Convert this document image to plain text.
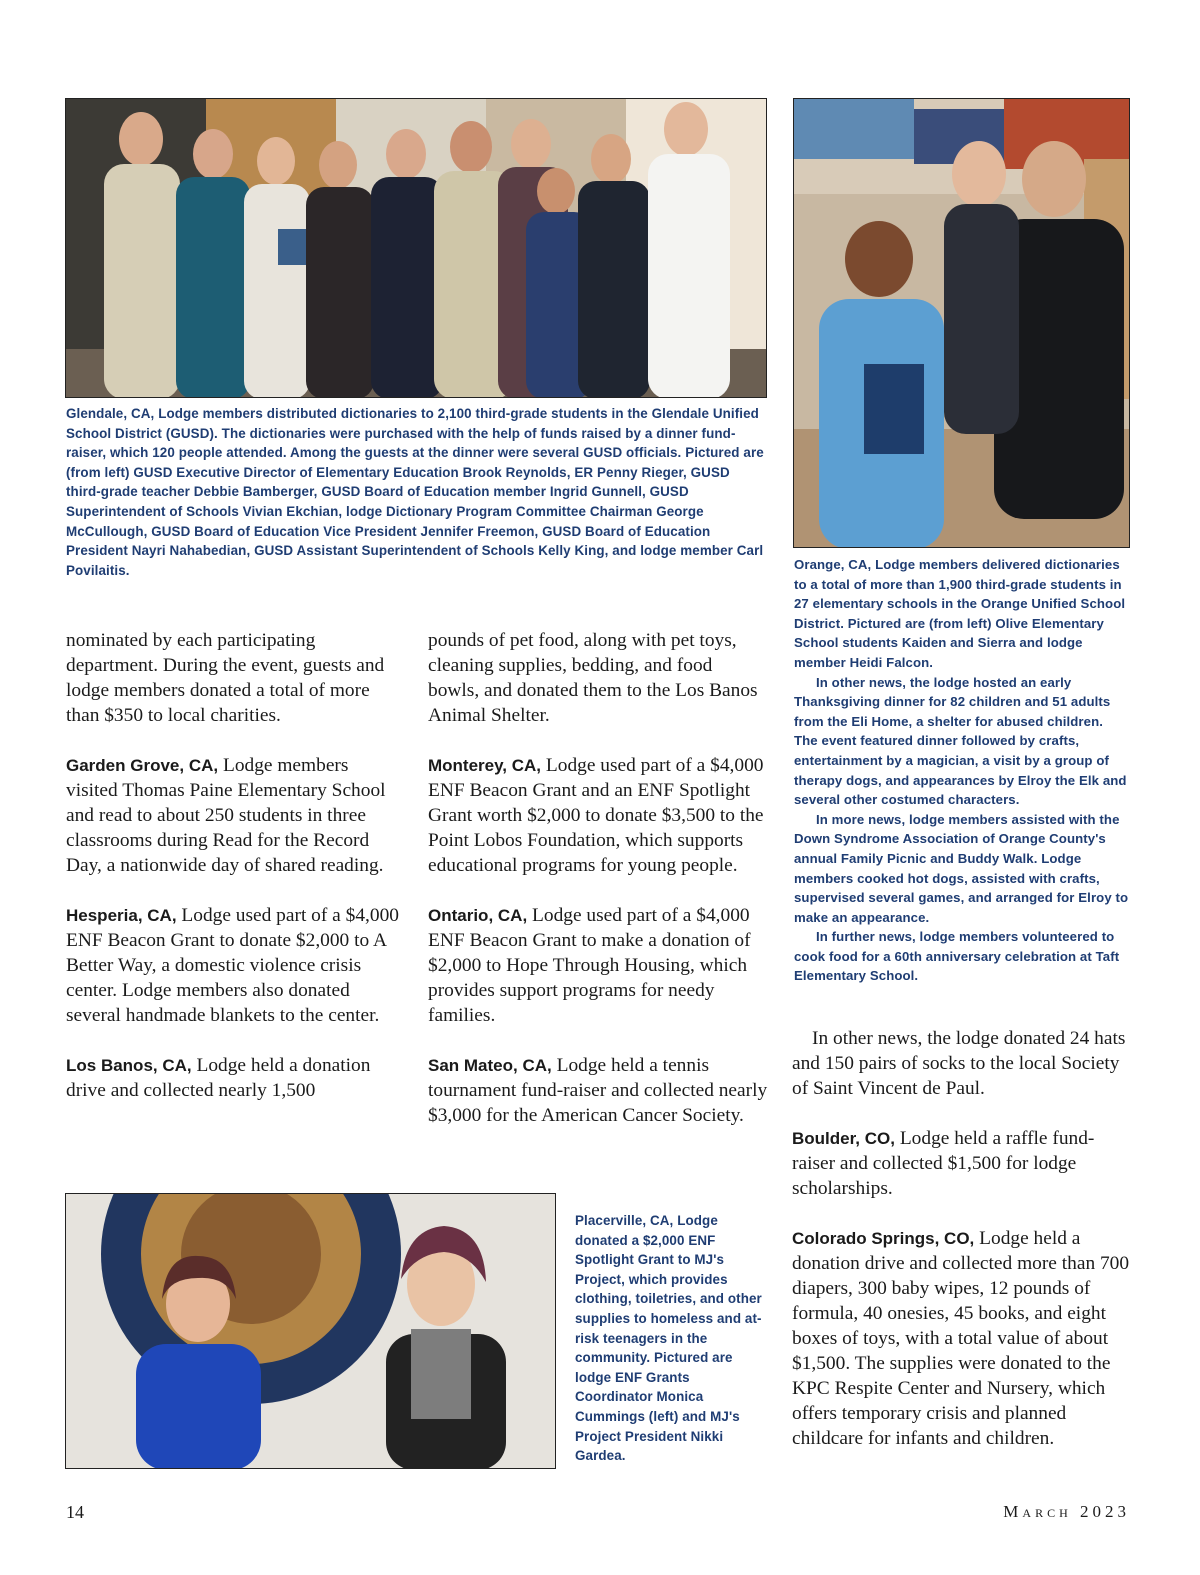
Glendale, CA, Lodge members distributed dictionaries to 2,100 third-grade students in the Glendale Unified School District (GUSD). The dictionaries were purchased with the help of funds raised by a dinner fund-raiser, which 120 people attended. Among the guests at the dinner were several GUSD officials. Pictured are (from left) GUSD Executive Director of Elementary Education Brook Reynolds, ER Penny Rieger, GUSD third-grade teacher Debbie Bamberger, GUSD Board of Education member Ingrid Gunnell, GUSD Superintendent of Schools Vivian Ekchian, lodge Dictionary Program Committee Chairman George McCullough, GUSD Board of Education Vice President Jennifer Freemon, GUSD Board of Education President Nayri Nahabedian, GUSD Assistant Superintendent of Schools Kelly King, and lodge member Carl Povilaitis.	Orange, CA, Lodge members delivered dictionaries to a total of more than 1,900 third-grade students in 27 elementary schools in the Orange Unified School District. Pictured are (from left) Olive Elementary School students Kaiden and Sierra and lodge member Heidi Falcon.

In other news, the lodge hosted an early Thanksgiving dinner for 82 children and 51 adults from the Eli Home, a shelter for abused children. The event featured dinner followed by crafts, entertainment by a magician, a visit by a group of therapy dogs, and appearances by Elroy the Elk and several other costumed characters.

In more news, lodge members assisted with the Down Syndrome Association of Orange County's annual Family Picnic and Buddy Walk. Lodge members cooked hot dogs, assisted with crafts, supervised several games, and arranged for Elroy to make an appearance.

In further news, lodge members volunteered to cook food for a 60th anniversary celebration at Taft Elementary School.

nominated by each participating department. During the event, guests and lodge members donated a total of more than $350 to local charities.

Garden Grove, CA, Lodge members visited Thomas Paine Elementary School and read to about 250 students in three classrooms during Read for the Record Day, a nationwide day of shared reading.

Hesperia, CA, Lodge used part of a $4,000 ENF Beacon Grant to donate $2,000 to A Better Way, a domestic violence crisis center. Lodge members also donated several handmade blankets to the center.

Los Banos, CA, Lodge held a donation drive and collected nearly 1,500

pounds of pet food, along with pet toys, cleaning supplies, bedding, and food bowls, and donated them to the Los Banos Animal Shelter.

Monterey, CA, Lodge used part of a $4,000 ENF Beacon Grant and an ENF Spotlight Grant worth $2,000 to donate $3,500 to the Point Lobos Foundation, which supports educational programs for young people.

Ontario, CA, Lodge used part of a $4,000 ENF Beacon Grant to make a donation of $2,000 to Hope Through Housing, which provides support programs for needy families.

San Mateo, CA, Lodge held a tennis tournament fund-raiser and collected nearly $3,000 for the American Cancer Society.

In other news, the lodge donated 24 hats and 150 pairs of socks to the local Society of Saint Vincent de Paul.

Boulder, CO, Lodge held a raffle fund-raiser and collected $1,500 for lodge scholarships.

Colorado Springs, CO, Lodge held a donation drive and collected more than 700 diapers, 300 baby wipes, 12 pounds of formula, 40 onesies, 45 books, and eight boxes of toys, with a total value of about $1,500. The supplies were donated to the KPC Respite Center and Nursery, which offers temporary crisis and planned childcare for infants and children.

Placerville, CA, Lodge donated a $2,000 ENF Spotlight Grant to MJ's Project, which provides clothing, toiletries, and other supplies to homeless and at-risk teenagers in the community. Pictured are lodge ENF Grants Coordinator Monica Cummings (left) and MJ's Project President Nikki Gardea.

14	March 2023
